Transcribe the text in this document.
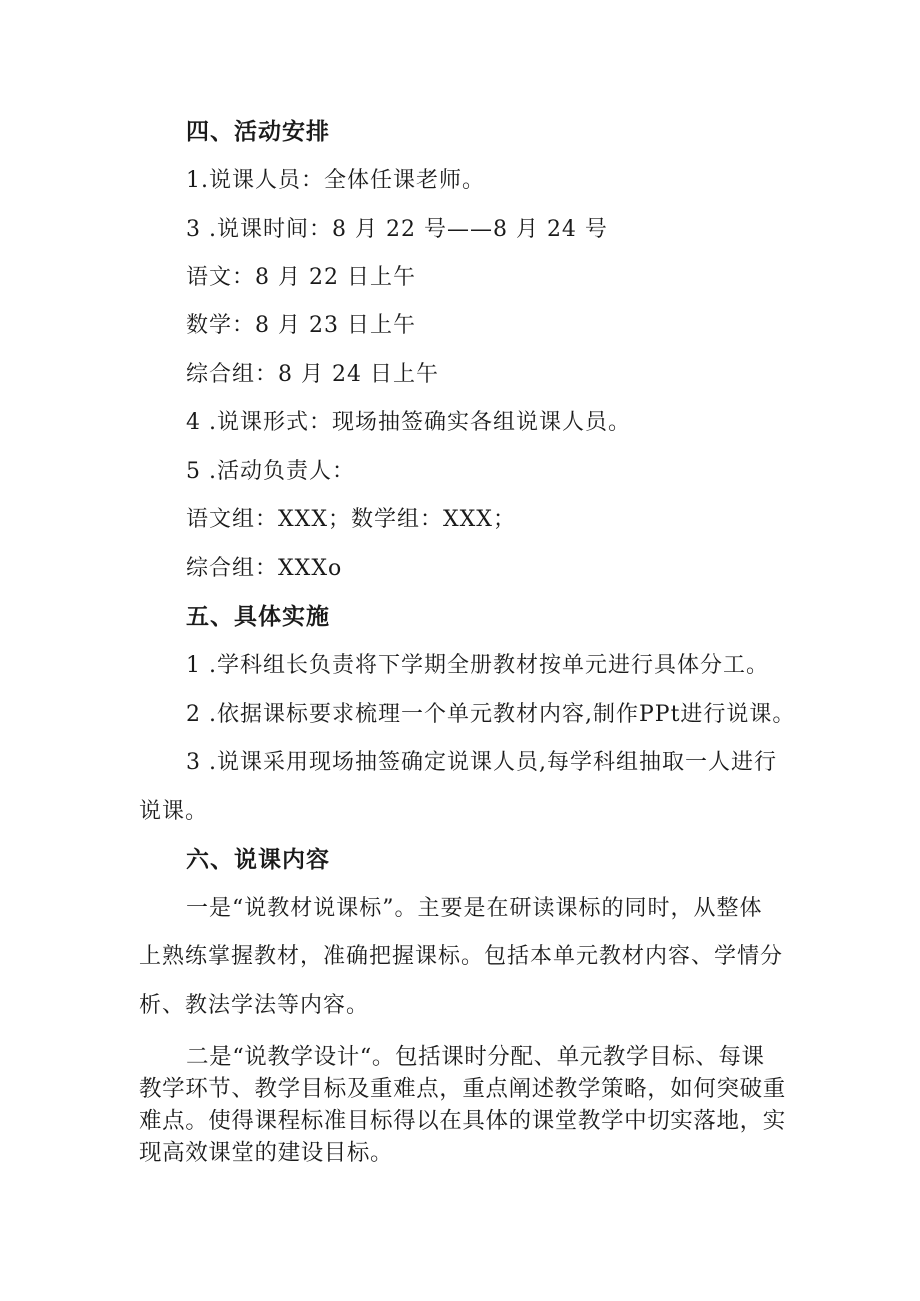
四、活动安排
1.说课人员：全体任课老师。
3 .说课时间：8 月 22 号——8 月 24 号
语文：8 月 22 日上午
数学：8 月 23 日上午
综合组：8 月 24 日上午
4 .说课形式：现场抽签确实各组说课人员。
5 .活动负责人：
语文组：XXX；数学组：XXX；
综合组：XXXo
五、具体实施
1 .学科组长负责将下学期全册教材按单元进行具体分工。
2 .依据课标要求梳理一个单元教材内容,制作PPt进行说课。
3 .说课采用现场抽签确定说课人员,每学科组抽取一人进行
说课。
六、说课内容
一是“说教材说课标”。主要是在研读课标的同时，从整体
上熟练掌握教材，准确把握课标。包括本单元教材内容、学情分
析、教法学法等内容。
二是“说教学设计“。包括课时分配、单元教学目标、每课
教学环节、教学目标及重难点，重点阐述教学策略，如何突破重
难点。使得课程标准目标得以在具体的课堂教学中切实落地，实
现高效课堂的建设目标。
